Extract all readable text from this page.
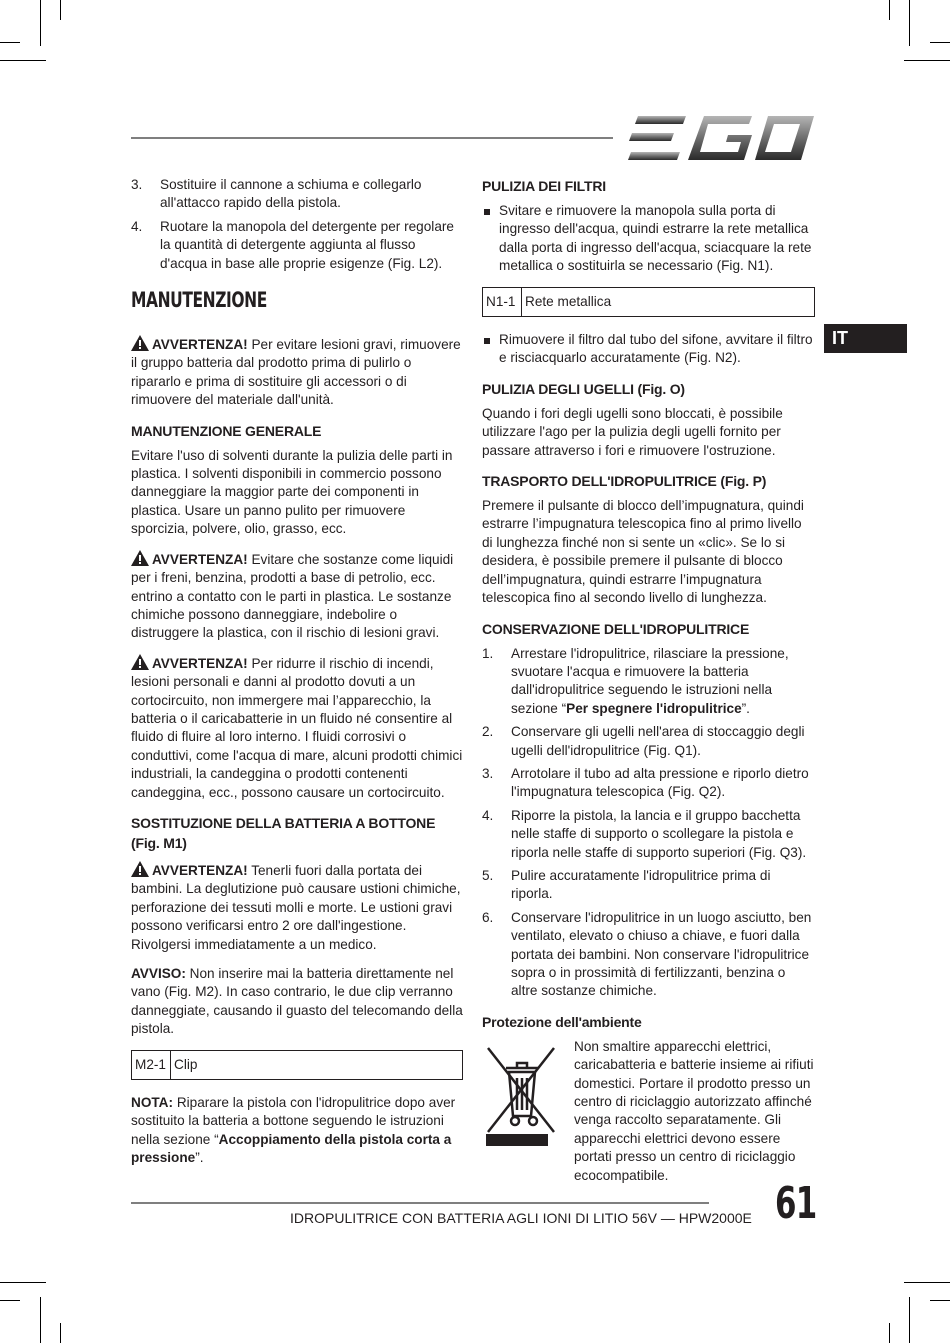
IT
3. Sostituire il cannone a schiuma e collegarlo all'attacco rapido della pistola.
4. Ruotare la manopola del detergente per regolare la quantità di detergente aggiunta al flusso d'acqua in base alle proprie esigenze (Fig. L2).
MANUTENZIONE

AVVERTENZA! Per evitare lesioni gravi, rimuovere il gruppo batteria dal prodotto prima di pulirlo o ripararlo e prima di sostituire gli accessori o di rimuovere del materiale dall'unità.

MANUTENZIONE GENERALE

Evitare l'uso di solventi durante la pulizia delle parti in plastica. I solventi disponibili in commercio possono danneggiare la maggior parte dei componenti in plastica. Usare un panno pulito per rimuovere sporcizia, polvere, olio, grasso, ecc.

AVVERTENZA! Evitare che sostanze come liquidi per i freni, benzina, prodotti a base di petrolio, ecc. entrino a contatto con le parti in plastica. Le sostanze chimiche possono danneggiare, indebolire o distruggere la plastica, con il rischio di lesioni gravi.

AVVERTENZA! Per ridurre il rischio di incendi, lesioni personali e danni al prodotto dovuti a un cortocircuito, non immergere mai l’apparecchio, la batteria o il caricabatterie in un fluido né consentire al fluido di fluire al loro interno. I fluidi corrosivi o conduttivi, come l'acqua di mare, alcuni prodotti chimici industriali, la candeggina o prodotti contenenti candeggina, ecc., possono causare un cortocircuito.

SOSTITUZIONE DELLA BATTERIA A BOTTONE
(Fig. M1)

AVVERTENZA! Tenerli fuori dalla portata dei bambini. La deglutizione può causare ustioni chimiche, perforazione dei tessuti molli e morte. Le ustioni gravi possono verificarsi entro 2 ore dall'ingestione. Rivolgersi immediatamente a un medico.

AVVISO: Non inserire mai la batteria direttamente nel vano (Fig. M2). In caso contrario, le due clip verranno danneggiate, causando il guasto del telecomando della pistola.

M2-1	Clip

NOTA: Riparare la pistola con l'idropulitrice dopo aver sostituito la batteria a bottone seguendo le istruzioni nella sezione “Accoppiamento della pistola corta a pressione”.

PULIZIA DEI FILTRI
Svitare e rimuovere la manopola sulla porta di ingresso dell'acqua, quindi estrarre la rete metallica dalla porta di ingresso dell'acqua, sciacquare la rete metallica o sostituirla se necessario (Fig. N1).
N1-1	Rete metallica
Rimuovere il filtro dal tubo del sifone, avvitare il filtro e risciacquarlo accuratamente (Fig. N2).
PULIZIA DEGLI UGELLI (Fig. O)

Quando i fori degli ugelli sono bloccati, è possibile utilizzare l'ago per la pulizia degli ugelli fornito per passare attraverso i fori e rimuovere l'ostruzione.

TRASPORTO DELL'IDROPULITRICE (Fig. P)

Premere il pulsante di blocco dell’impugnatura, quindi estrarre l’impugnatura telescopica fino al primo livello di lunghezza finché non si sente un «clic». Se lo si desidera, è possibile premere il pulsante di blocco dell’impugnatura, quindi estrarre l’impugnatura telescopica fino al secondo livello di lunghezza.

CONSERVAZIONE DELL'IDROPULITRICE
1. Arrestare l'idropulitrice, rilasciare la pressione, svuotare l'acqua e rimuovere la batteria dall'idropulitrice seguendo le istruzioni nella sezione “Per spegnere l'idropulitrice”.
2. Conservare gli ugelli nell'area di stoccaggio degli ugelli dell'idropulitrice (Fig. Q1).
3. Arrotolare il tubo ad alta pressione e riporlo dietro l'impugnatura telescopica (Fig. Q2).
4. Riporre la pistola, la lancia e il gruppo bacchetta nelle staffe di supporto o scollegare la pistola e riporla nelle staffe di supporto superiori (Fig. Q3).
5. Pulire accuratamente l'idropulitrice prima di riporla.
6. Conservare l'idropulitrice in un luogo asciutto, ben ventilato, elevato o chiuso a chiave, e fuori dalla portata dei bambini. Non conservare l'idropulitrice sopra o in prossimità di fertilizzanti, benzina o altre sostanze chimiche.
Protezione dell'ambiente

Non smaltire apparecchi elettrici, caricabatteria e batterie insieme ai rifiuti domestici. Portare il prodotto presso un centro di riciclaggio autorizzato affinché venga raccolto separatamente. Gli apparecchi elettrici devono essere portati presso un centro di riciclaggio ecocompatibile.

IDROPULITRICE CON BATTERIA AGLI IONI DI LITIO 56V — HPW2000E 61
